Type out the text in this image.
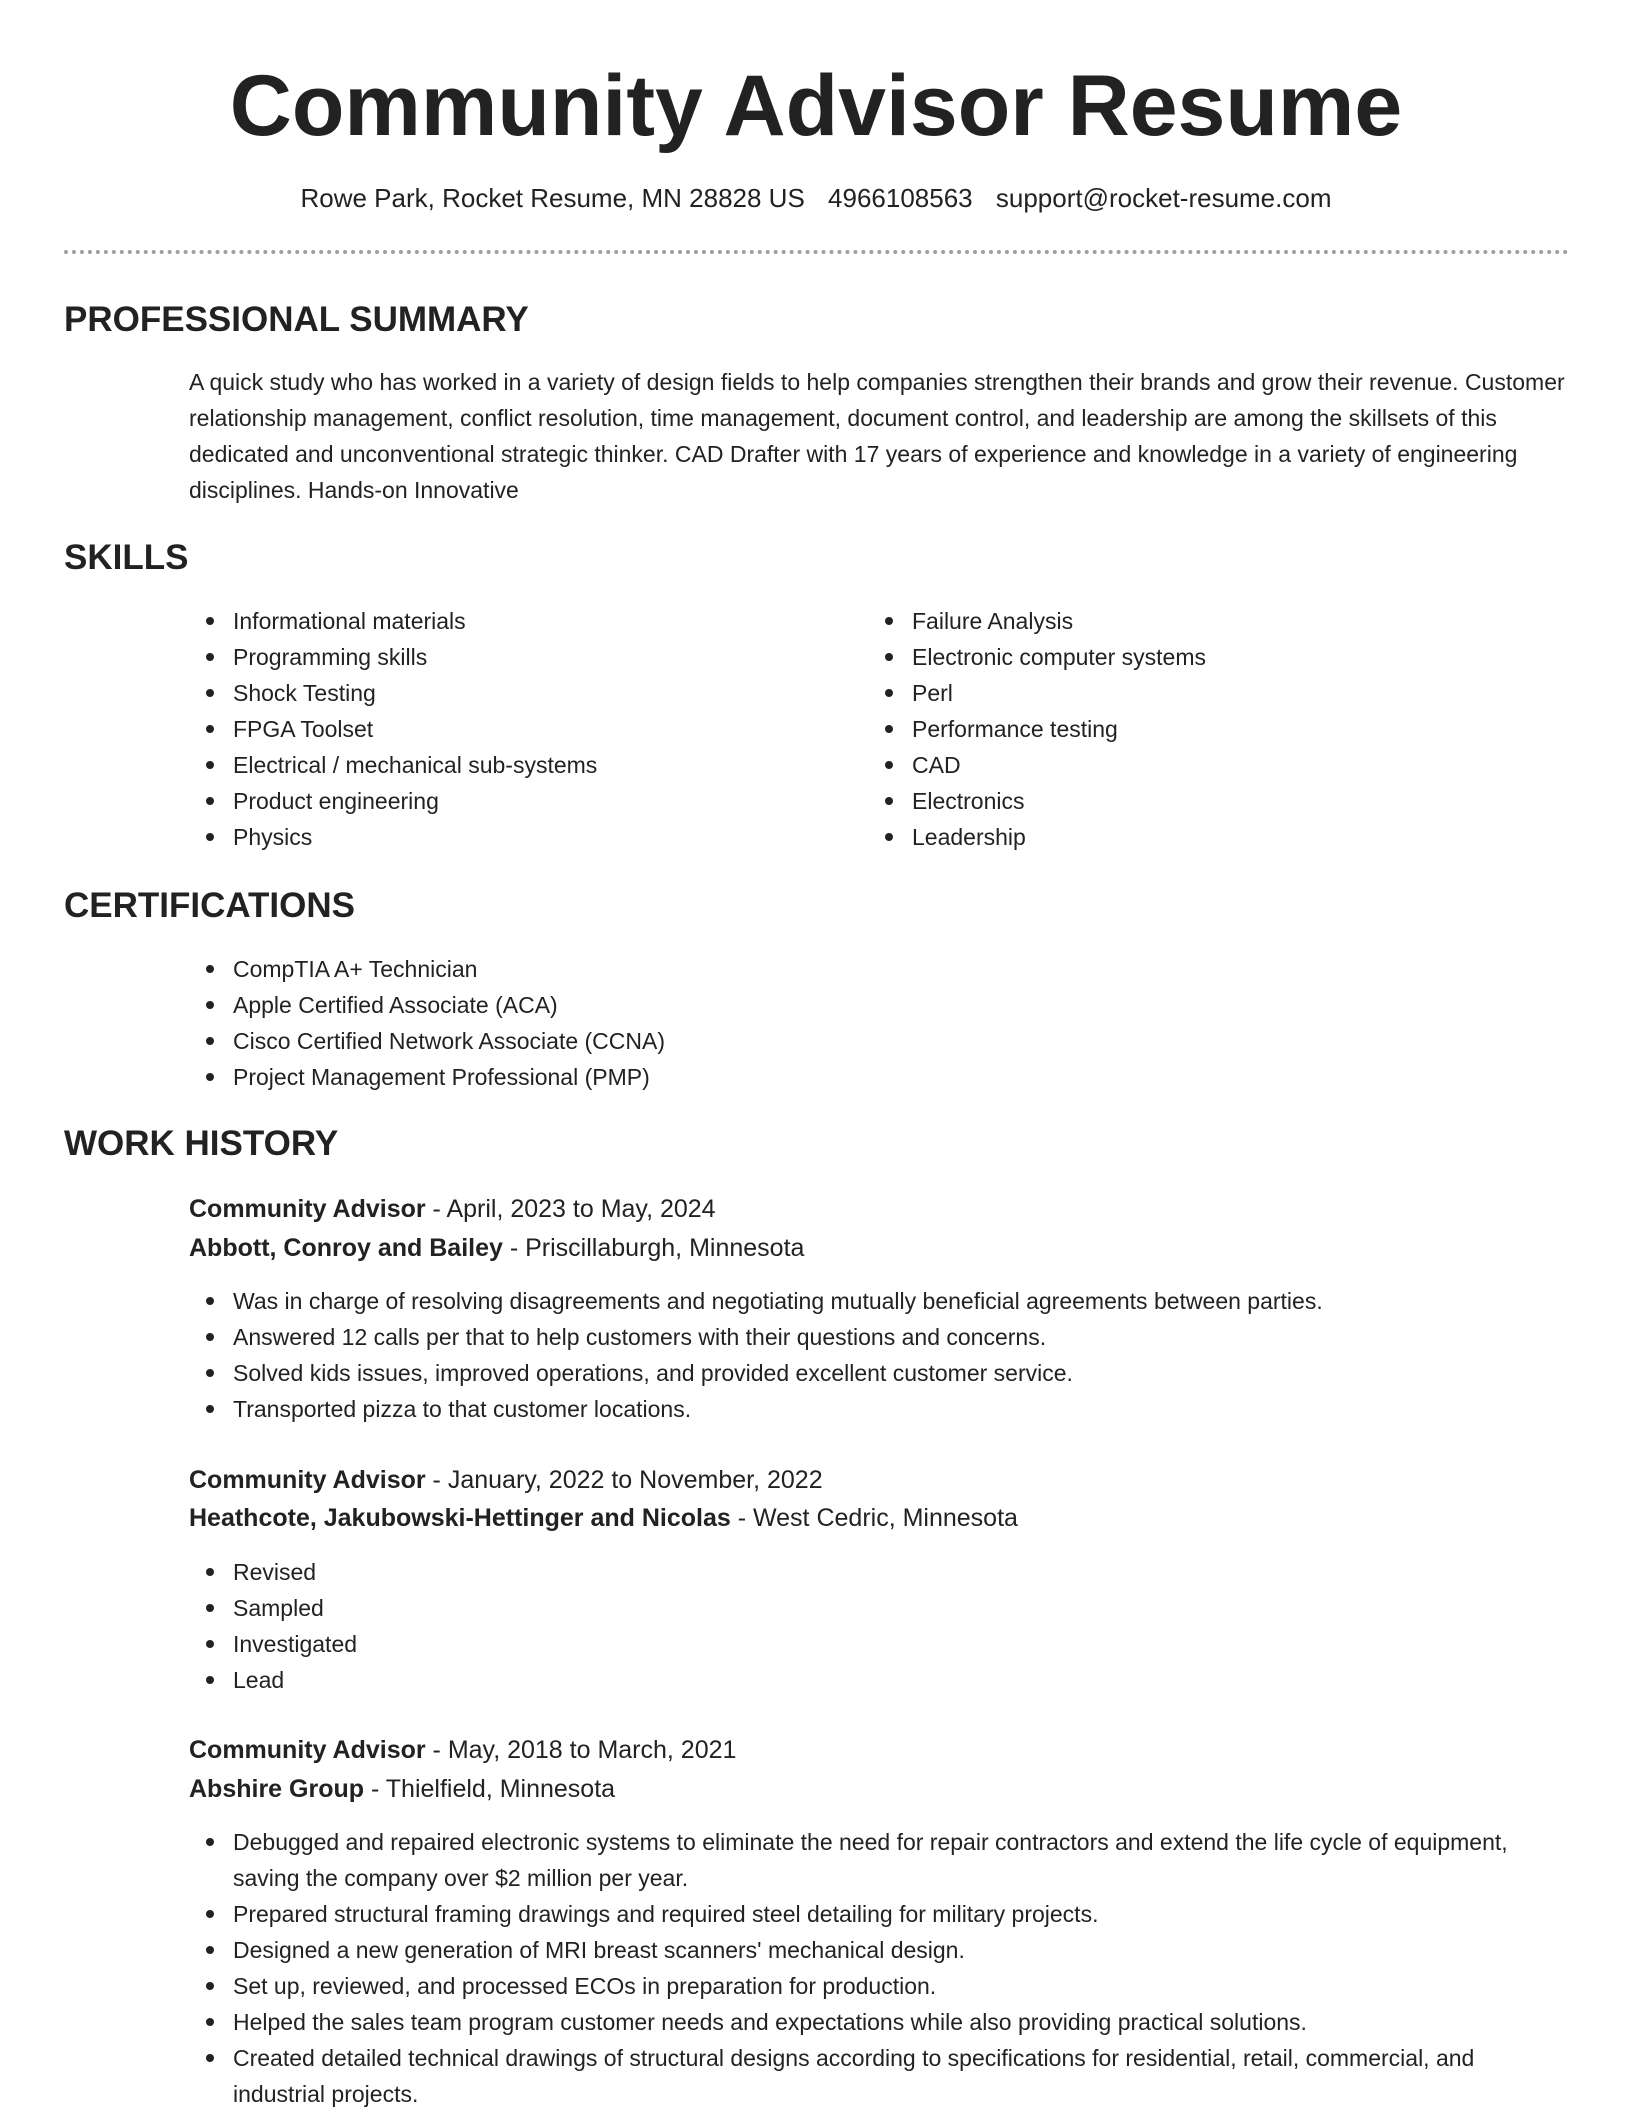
Community Advisor Resume
Rowe Park, Rocket Resume, MN 28828 US 4966108563 support@rocket-resume.com
PROFESSIONAL SUMMARY

A quick study who has worked in a variety of design fields to help companies strengthen their brands and grow their revenue. Customer relationship management, conflict resolution, time management, document control, and leadership are among the skillsets of this dedicated and unconventional strategic thinker. CAD Drafter with 17 years of experience and knowledge in a variety of engineering disciplines. Hands-on Innovative

SKILLS
Informational materials
Programming skills
Shock Testing
FPGA Toolset
Electrical / mechanical sub-systems
Product engineering
Physics
Failure Analysis
Electronic computer systems
Perl
Performance testing
CAD
Electronics
Leadership
CERTIFICATIONS
CompTIA A+ Technician
Apple Certified Associate (ACA)
Cisco Certified Network Associate (CCNA)
Project Management Professional (PMP)
WORK HISTORY
Community Advisor - April, 2023 to May, 2024
Abbott, Conroy and Bailey - Priscillaburgh, Minnesota
Was in charge of resolving disagreements and negotiating mutually beneficial agreements between parties.
Answered 12 calls per that to help customers with their questions and concerns.
Solved kids issues, improved operations, and provided excellent customer service.
Transported pizza to that customer locations.
Community Advisor - January, 2022 to November, 2022
Heathcote, Jakubowski-Hettinger and Nicolas - West Cedric, Minnesota
Revised
Sampled
Investigated
Lead
Community Advisor - May, 2018 to March, 2021
Abshire Group - Thielfield, Minnesota
Debugged and repaired electronic systems to eliminate the need for repair contractors and extend the life cycle of equipment, saving the company over $2 million per year.
Prepared structural framing drawings and required steel detailing for military projects.
Designed a new generation of MRI breast scanners' mechanical design.
Set up, reviewed, and processed ECOs in preparation for production.
Helped the sales team program customer needs and expectations while also providing practical solutions.
Created detailed technical drawings of structural designs according to specifications for residential, retail, commercial, and industrial projects.
